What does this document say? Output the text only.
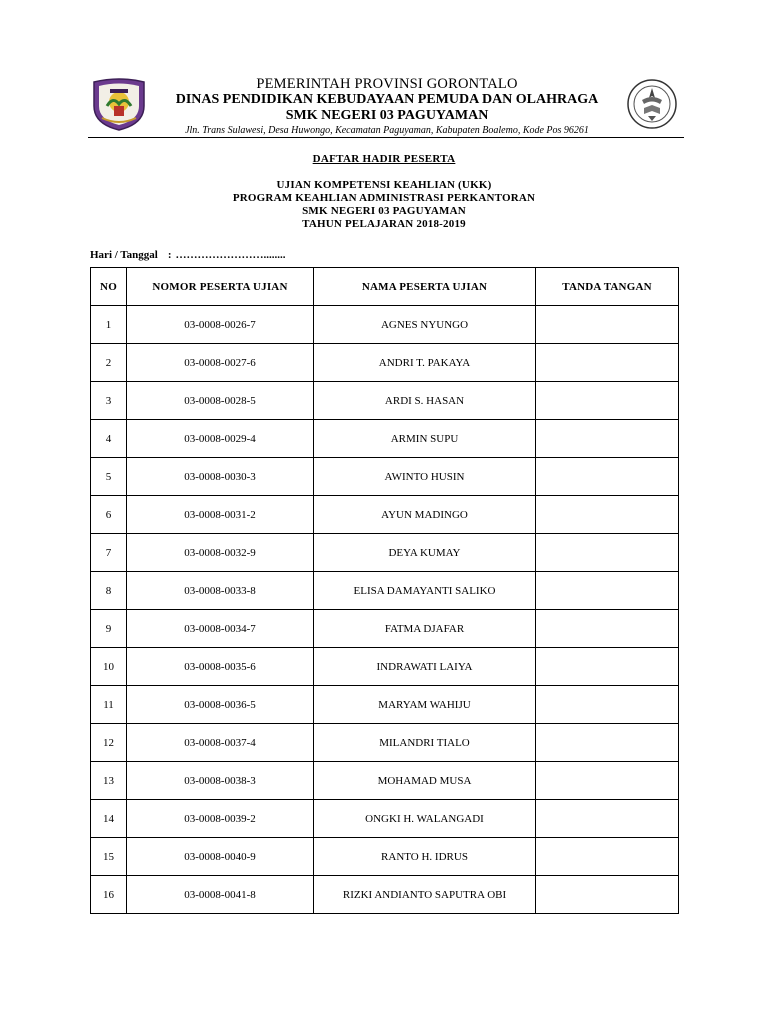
PEMERINTAH PROVINSI GORONTALO
DINAS PENDIDIKAN KEBUDAYAAN PEMUDA DAN OLAHRAGA
SMK NEGERI 03 PAGUYAMAN
Jln. Trans Sulawesi, Desa Huwongo, Kecamatan Paguyaman, Kabupaten Boalemo, Kode Pos 96261
DAFTAR HADIR PESERTA
UJIAN KOMPETENSI KEAHLIAN (UKK)
PROGRAM KEAHLIAN ADMINISTRASI PERKANTORAN
SMK NEGERI 03 PAGUYAMAN
TAHUN PELAJARAN 2018-2019
Hari / Tanggal : ……………………........
NO	NOMOR PESERTA UJIAN	NAMA PESERTA UJIAN	TANDA TANGAN
1	03-0008-0026-7	AGNES NYUNGO	
2	03-0008-0027-6	ANDRI T. PAKAYA	
3	03-0008-0028-5	ARDI S. HASAN	
4	03-0008-0029-4	ARMIN SUPU	
5	03-0008-0030-3	AWINTO HUSIN	
6	03-0008-0031-2	AYUN MADINGO	
7	03-0008-0032-9	DEYA KUMAY	
8	03-0008-0033-8	ELISA DAMAYANTI SALIKO	
9	03-0008-0034-7	FATMA DJAFAR	
10	03-0008-0035-6	INDRAWATI LAIYA	
11	03-0008-0036-5	MARYAM WAHIJU	
12	03-0008-0037-4	MILANDRI TIALO	
13	03-0008-0038-3	MOHAMAD MUSA	
14	03-0008-0039-2	ONGKI H. WALANGADI	
15	03-0008-0040-9	RANTO H. IDRUS	
16	03-0008-0041-8	RIZKI ANDIANTO SAPUTRA OBI	
